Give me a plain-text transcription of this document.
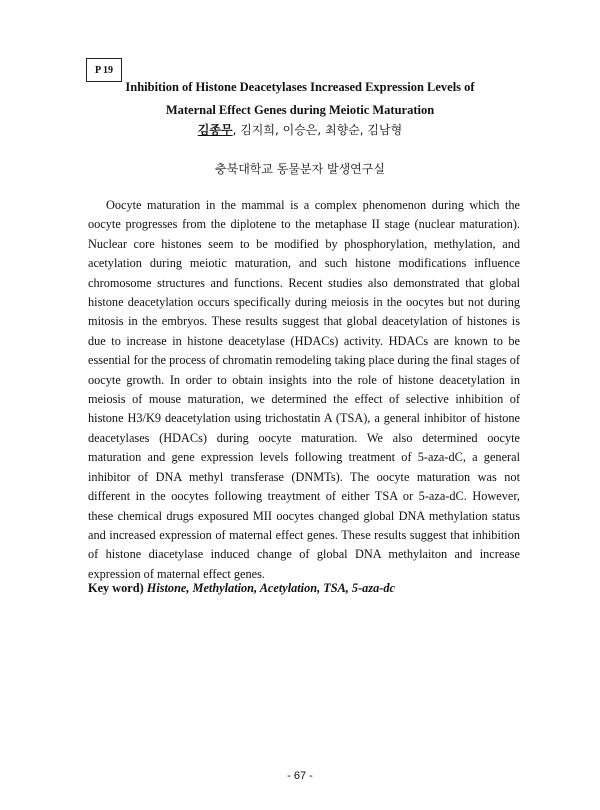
P 19
Inhibition of Histone Deacetylases Increased Expression Levels of
Maternal Effect Genes during Meiotic Maturation
김종무, 김지희, 이승은, 최향순, 김남형
충북대학교 동물분자 발생연구실

Oocyte maturation in the mammal is a complex phenomenon during which the oocyte progresses from the diplotene to the metaphase II stage (nuclear maturation). Nuclear core histones seem to be modified by phosphorylation, methylation, and acetylation during meiotic maturation, and such histone modifications influence chromosome structures and functions. Recent studies also demonstrated that global histone deacetylation occurs specifically during meiosis in the oocytes but not during mitosis in the embryos. These results suggest that global deacetylation of histones is due to increase in histone deacetylase (HDACs) activity. HDACs are known to be essential for the process of chromatin remodeling taking place during the final stages of oocyte growth. In order to obtain insights into the role of histone deacetylation in meiosis of mouse maturation, we determined the effect of selective inhibition of histone H3/K9 deacetylation using trichostatin A (TSA), a general inhibitor of histone deacetylases (HDACs) during oocyte maturation. We also determined oocyte maturation and gene expression levels following treatment of 5-aza-dC, a general inhibitor of DNA methyl transferase (DNMTs). The oocyte maturation was not different in the oocytes following treaytment of either TSA or 5-aza-dC. However, these chemical drugs exposured MII oocytes changed global DNA methylation status and increased expression of maternal effect genes. These results suggest that inhibition of histone diacetylase induced change of global DNA methylaiton and increase expression of maternal effect genes.

Key word) Histone, Methylation, Acetylation, TSA, 5-aza-dc
- 67 -
